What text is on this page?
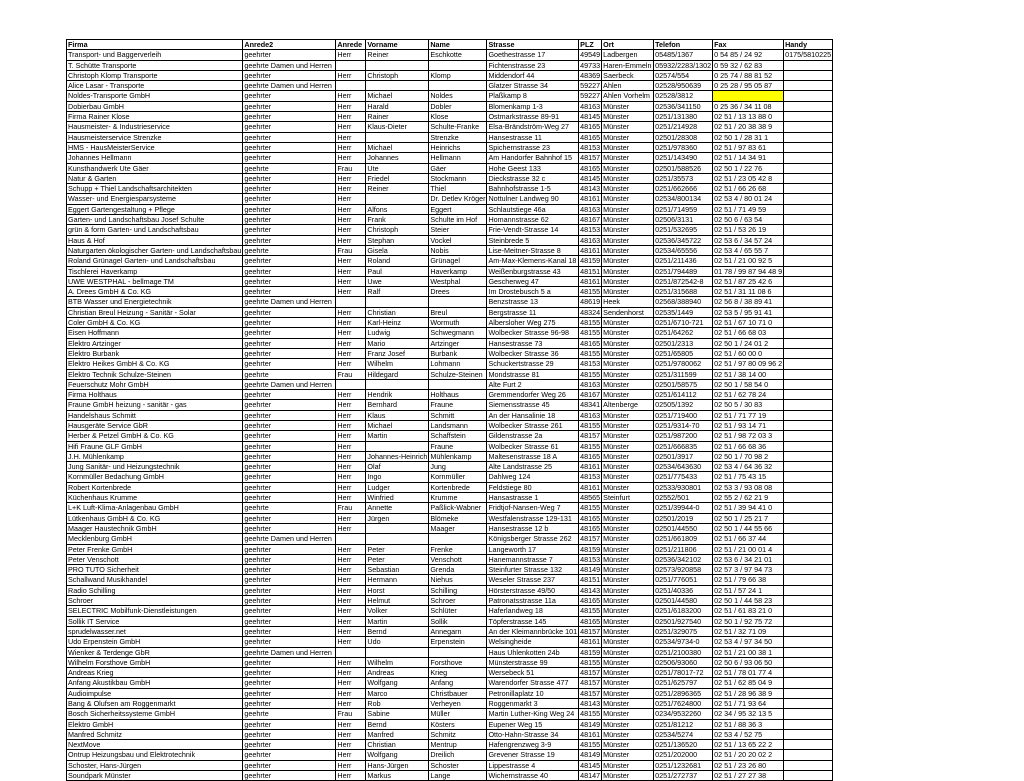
Firma	Anrede2	Anrede	Vorname	Name	Strasse	PLZ	Ort	Telefon	Fax	Handy
Transport- und Baggerverleih	geehrter	Herr	Reiner	Eschkotte	Goethestrasse 17	49549	Ladbergen	05485/1367	0 54 85 / 24 92	0175/5810225
T. Schütte Transporte	geehrte Damen und Herren				Fichtenstrasse 23	49733	Haren-Emmeln	05932/2283/1302	0 59 32 / 62 83	
Christoph Klomp Transporte	geehrter	Herr	Christoph	Klomp	Middendorf 44	48369	Saerbeck	02574/554	0 25 74 / 88 81 52	
Alice Lasar - Transporte	geehrte Damen und Herren				Glatzer Strasse 34	59227	Ahlen	02528/950639	0 25 28 / 95 05 87	
Noldes-Transporte GmbH	geehrter	Herr	Michael	Noldes	Plaßkamp 8	59227	Ahlen Vorhelm	02528/3812		
Dobierbau GmbH	geehrter	Herr	Harald	Dobler	Blomenkamp 1-3	48163	Münster	02536/341150	0 25 36 / 34 11 08	
Firma Rainer Klose	geehrter	Herr	Rainer	Klose	Ostmarkstrasse 89-91	48145	Münster	0251/131380	02 51 / 13 13 88 0	
Hausmeister- & Industrieservice	geehrter	Herr	Klaus-Dieter	Schulte-Franke	Elsa-Brändström-Weg 27	48165	Münster	0251/214928	02 51 / 20 38 38 9	
Hausmeisterservice Strenzke	geehrter	Herr		Strenzke	Hansestrasse 11	48165	Münster	02501/28308	02 50 1 / 28 31 1	
HMS - HausMeisterService	geehrter	Herr	Michael	Heinrichs	Spichernstrasse 23	48153	Münster	0251/978360	02 51 / 97 83 61	
Johannes Hellmann	geehrter	Herr	Johannes	Hellmann	Am Handorfer Bahnhof 15	48157	Münster	0251/143490	02 51 / 14 34 91	
Kunsthandwerk Ute Gäer	geehrte	Frau	Ute	Gäer	Hohe Geest 133	48165	Münster	02501/588526	02 50 1 / 22 76	
Natur & Garten	geehrter	Herr	Friedel	Stockmann	Dieckstrasse 32 c	48145	Münster	0251/35573	02 51 / 23 05 42 8	
Schupp + Thiel Landschaftsarchitekten	geehrter	Herr	Reiner	Thiel	Bahnhofstrasse 1-5	48143	Münster	0251/662666	02 51 / 66 26 68	
Wasser- und Energiesparsysteme	geehrter	Herr		Dr. Detlev Kröger	Nottulner Landweg 90	48161	Münster	02534/800134	02 53 4 / 80 01 24	
Eggert Gartengestaltung + Pflege	geehrter	Herr	Alfons	Eggert	Schlautstiege 46a	48163	Münster	0251/714959	02 51 / 71 49 59	
Garten- und Landschaftsbau Josef Schulte	geehrter	Herr	Frank	Schulte im Hof	Homannstrasse 62	48167	Münster	02506/3131	02 50 6 / 63 54	
grün & form Garten- und Landschaftsbau	geehrter	Herr	Christoph	Steier	Frie-Vendt-Strasse 14	48153	Münster	0251/532695	02 51 / 53 26 19	
Haus & Hof	geehrter	Herr	Stephan	Vockel	Steinbrede 5	48163	Münster	02536/345722	02 53 6 / 34 57 24	
Naturgarten ökologischer Garten- und Landschaftsbau	geehrte	Frau	Gisela	Nobis	Lise-Meitner-Strasse 8	48161	Münster	02534/65556	02 53 4 / 65 55 7	
Roland Grünagel Garten- und Landschaftsbau	geehrter	Herr	Roland	Grünagel	Am-Max-Klemens-Kanal 18	48159	Münster	0251/211436	02 51 / 21 00 92 5	
Tischlerei Haverkamp	geehrter	Herr	Paul	Haverkamp	Weißenburgstrasse 43	48151	Münster	0251/794489	01 78 / 99 87 94 48 9	
UWE WESTPHAL - bellmage TM	geehrter	Herr	Uwe	Westphal	Gescherweg 47	48161	Münster	0251/872542-8	02 51 / 87 25 42 6	
A. Drees GmbH & Co. KG	geehrter	Herr	Ralf	Drees	Im Drostebusch 5 a	48155	Münster	0251/315688	02 51 / 31 11 08 6	
BTB Wasser und Energietechnik	geehrte Damen und Herren				Benzstrasse 13	48619	Heek	02568/388940	02 56 8 / 38 89 41	
Christian Breul Heizung - Sanitär - Solar	geehrter	Herr	Christian	Breul	Bergstrasse 11	48324	Sendenhorst	02535/1449	02 53 5 / 95 91 41	
Coler GmbH & Co. KG	geehrter	Herr	Karl-Heinz	Wormuth	Albersloher Weg 275	48155	Münster	0251/6710-721	02 51 / 67 10 71 0	
Eisen Hoffmann	geehrter	Herr	Ludwig	Schwegmann	Wolbecker Strasse 96-98	48155	Münster	0251/64262	02 51 / 66 68 03	
Elektro Artzinger	geehrter	Herr	Mario	Artzinger	Hansestrasse 73	48165	Münster	02501/2313	02 50 1 / 24 01 2	
Elektro Burbank	geehrter	Herr	Franz Josef	Burbank	Wolbecker Strasse 36	48155	Münster	0251/65805	02 51 / 60 00 0	
Elektro Heikes GmbH & Co. KG	geehrter	Herr	Wilhelm	Lohmann	Schuckertstrasse 29	48153	Münster	0251/9780062	02 51 / 97 80 09 96 2	
Elektro Technik Schulze-Steinen	geehrte	Frau	Hildegard	Schulze-Steinen	Mondstrasse 81	48155	Münster	0251/311599	02 51 / 38 14 00	
Feuerschutz Mohr GmbH	geehrte Damen und Herren				Alte Furt 2	48163	Münster	02501/58575	02 50 1 / 58 54 0	
Firma Holthaus	geehrter	Herr	Hendrik	Holthaus	Gremmendorfer Weg 26	48167	Münster	0251/614112	02 51 / 62 78 24	
Fraune GmbH heizung - sanitär - gas	geehrter	Herr	Bernhard	Fraune	Siemensstrasse 45	48341	Altenberge	02505/1392	02 50 5 / 30 83	
Handelshaus Schmitt	geehrter	Herr	Klaus	Schmitt	An der Hansalinie 18	48163	Münster	0251/719400	02 51 / 71 77 19	
Hausgeräte Service GbR	geehrter	Herr	Michael	Landsmann	Wolbecker Strasse 261	48155	Münster	0251/9314-70	02 51 / 93 14 71	
Herber & Petzel GmbH & Co. KG	geehrter	Herr	Martin	Schaffstein	Gildenstrasse 2a	48157	Münster	0251/987200	02 51 / 98 72 03 3	
Hifi Fraune GLF GmbH	geehrter	Herr		Fraune	Wolbecker Strasse 61	48155	Münster	0251/666835	02 51 / 66 68 36	
J.H. Mühlenkamp	geehrter	Herr	Johannes-Heinrich	Mühlenkamp	Maltesenstrasse 18 A	48165	Münster	02501/3917	02 50 1 / 70 98 2	
Jung Sanitär- und Heizungstechnik	geehrter	Herr	Olaf	Jung	Alte Landstrasse 25	48161	Münster	02534/643630	02 53 4 / 64 36 32	
Kornmüller Bedachung GmbH	geehrter	Herr	Ingo	Kornmüller	Dahlweg 124	48153	Münster	0251/775433	02 51 / 75 43 15	
Robert Kortenbrede	geehrter	Herr	Ludger	Kortenbrede	Feldstiege 80	48161	Münster	02533/930801	02 53 3 / 93 08 08	
Küchenhaus Krumme	geehrter	Herr	Winfried	Krumme	Hansastrasse 1	48565	Steinfurt	02552/501	02 55 2 / 62 21 9	
L+K Luft-Klima-Anlagenbau GmbH	geehrte	Frau	Annette	Paßlick-Wabner	Fridtjof-Nansen-Weg 7	48155	Münster	0251/39944-0	02 51 / 39 94 41 0	
Lütkenhaus GmbH & Co. KG	geehrter	Herr	Jürgen	Blömeke	Westfalenstrasse 129-131	48165	Münster	02501/2019	02 50 1 / 25 21 7	
Maager Haustechnik GmbH	geehrter	Herr		Maager	Hansestrasse 12 b	48165	Münster	02501/44550	02 50 1 / 44 55 66	
Mecklenburg GmbH	geehrte Damen und Herren				Königsberger Strasse 262	48157	Münster	0251/661809	02 51 / 66 37 44	
Peter Frenke GmbH	geehrter	Herr	Peter	Frenke	Langeworth 17	48159	Münster	0251/211806	02 51 / 21 00 01 4	
Peter Venschott	geehrter	Herr	Peter	Venschott	Hanemannstrasse 7	48153	Münster	02536/342102	02 53 6 / 34 21 01	
PRO TUTO Sicherheit	geehrter	Herr	Sebastian	Grenda	Steinfurter Strasse 132	48149	Münster	02573/920858	02 57 3 / 97 94 73	
Schallwand Musikhandel	geehrter	Herr	Hermann	Niehus	Weseler Strasse 237	48151	Münster	0251/776051	02 51 / 79 66 38	
Radio Schilling	geehrter	Herr	Horst	Schilling	Hörsterstrasse 49/50	48143	Münster	0251/40336	02 51 / 57 24 1	
Schroer	geehrter	Herr	Helmut	Schroer	Patronatsstrasse 11a	48165	Münster	02501/44580	02 50 1 / 44 58 23	
SELECTRIC Mobilfunk-Dienstleistungen	geehrter	Herr	Volker	Schlüter	Haferlandweg 18	48155	Münster	0251/6183200	02 51 / 61 83 21 0	
Sollik IT Service	geehrter	Herr	Martin	Sollik	Töpferstrasse 145	48165	Münster	02501/927540	02 50 1 / 92 75 72	
sprudelwasser.net	geehrter	Herr	Bernd	Annegarn	An der Kleimannbrücke 101	48157	Münster	0251/329075	02 51 / 32 71 09	
Udo Erpenstein GmbH	geehrter	Herr	Udo	Erpenstein	Welsingheide	48161	Münster	02534/9734-0	02 53 4 / 97 34 50	
Wienker & Terdenge GbR	geehrte Damen und Herren				Haus Uhlenkotten 24b	48159	Münster	0251/2100380	02 51 / 21 00 38 1	
Wilhelm Forsthove GmbH	geehrter	Herr	Wilhelm	Forsthove	Münsterstrasse 99	48155	Münster	02506/93060	02 50 6 / 93 06 50	
Andreas Krieg	geehrter	Herr	Andreas	Krieg	Wersebeck 51	48157	Münster	0251/78017-72	02 51 / 78 01 77 4	
Anfang Akustikbau GmbH	geehrter	Herr	Wolfgang	Anfang	Warendorfer Strasse 477	48157	Münster	0251/625797	02 51 / 62 85 04 9	
Audioimpulse	geehrter	Herr	Marco	Christbauer	Petronillaplatz 10	48157	Münster	0251/2896365	02 51 / 28 96 38 9	
Bang & Olufsen am Roggenmarkt	geehrter	Herr	Rob	Verheyen	Roggenmarkt 3	48143	Münster	0251/7624800	02 51 / 71 93 64	
Bosch Sicherheitssysteme GmbH	geehrte	Frau	Sabine	Müller	Martin Luther-King Weg 24	48155	Münster	0234/9532260	02 34 / 95 32 13 5	
Elektro GmbH	geehrter	Herr	Bernd	Kösters	Eupener Weg 15	48149	Münster	0251/81212	02 51 / 88 36 3	
Manfred Schmitz	geehrter	Herr	Manfred	Schmitz	Otto-Hahn-Strasse 34	48161	Münster	02534/5274	02 53 4 / 52 75	
NextMove	geehrter	Herr	Christian	Mentrup	Hafengrenzweg 3-9	48155	Münster	0251/136520	02 51 / 13 65 22 2	
Ontrup Heizungsbau und Elektrotechnik	geehrter	Herr	Wolfgang	Dreilich	Grevener Strasse 19	48149	Münster	0251/202000	02 51 / 20 20 02 2	
Schoster, Hans-Jürgen	geehrter	Herr	Hans-Jürgen	Schoster	Lippestrasse 4	48145	Münster	0251/1232681	02 51 / 23 26 80	
Soundpark Münster	geehrter	Herr	Markus	Lange	Wichernstrasse 40	48147	Münster	0251/272737	02 51 / 27 27 38	
